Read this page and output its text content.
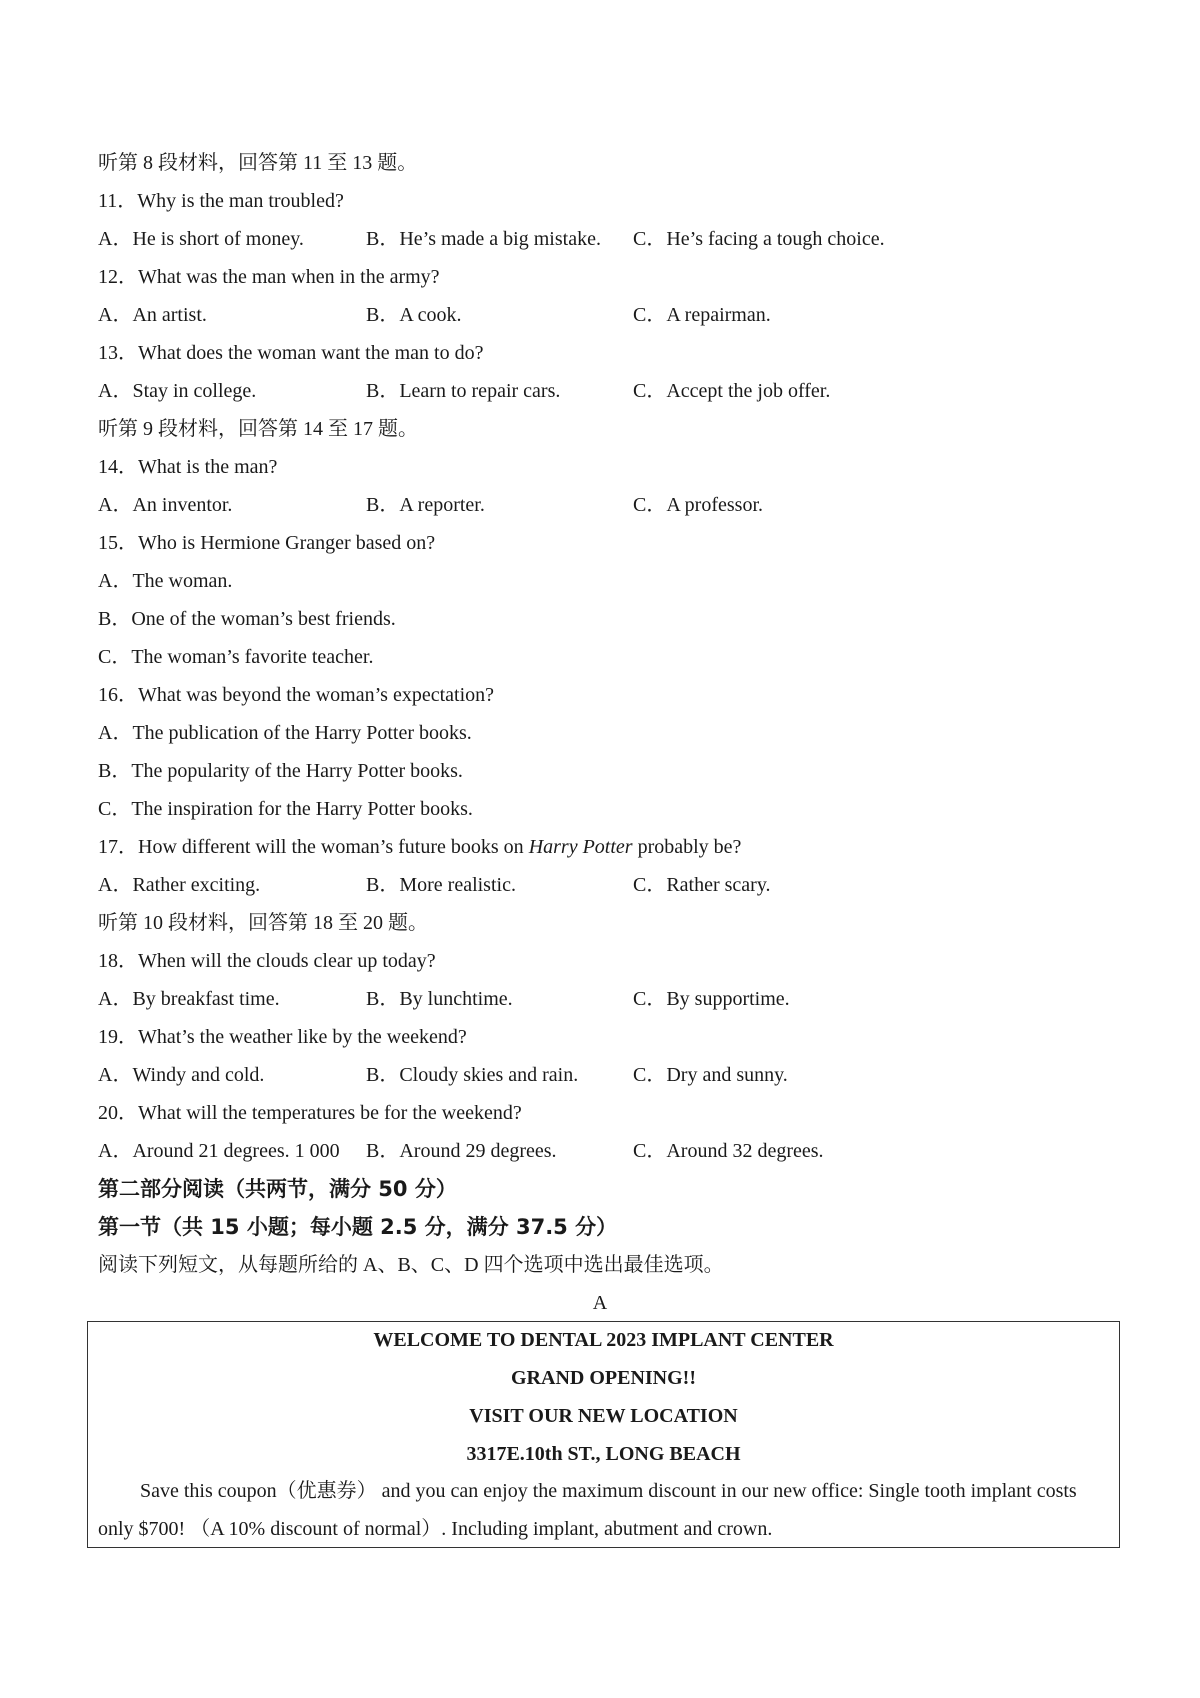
听第 8 段材料，回答第 11 至 13 题。
11．Why is the man troubled?
A．He is short of money.	B．He’s made a big mistake. C．He’s facing a tough choice.
12．What was the man when in the army?
A．An artist.	B．A cook.	C．A repairman.
13．What does the woman want the man to do?
A．Stay in college.	B．Learn to repair cars.	C．Accept the job offer.
听第 9 段材料，回答第 14 至 17 题。
14．What is the man?
A．An inventor.	B．A reporter.	C．A professor.
15．Who is Hermione Granger based on?
A．The woman.
B．One of the woman’s best friends.
C．The woman’s favorite teacher.
16．What was beyond the woman’s expectation?
A．The publication of the Harry Potter books.
B．The popularity of the Harry Potter books.
C．The inspiration for the Harry Potter books.
17．How different will the woman’s future books on Harry Potter probably be?
A．Rather exciting.	B．More realistic.	C．Rather scary.
听第 10 段材料，回答第 18 至 20 题。
18．When will the clouds clear up today?
A．By breakfast time.	B．By lunchtime.	C．By supportime.
19．What’s the weather like by the weekend?
A．Windy and cold.	B．Cloudy skies and rain.	C．Dry and sunny.
20．What will the temperatures be for the weekend?
A．Around 21 degrees. 1 000 B．Around 29 degrees.	C．Around 32 degrees.
第二部分阅读（共两节，满分 50 分）
第一节（共 15 小题；每小题 2.5 分，满分 37.5 分）
阅读下列短文，从每题所给的 A、B、C、D 四个选项中选出最佳选项。
A
WELCOME TO DENTAL 2023 IMPLANT CENTER
GRAND OPENING!!
VISIT OUR NEW LOCATION
3317E.10th ST., LONG BEACH

Save this coupon（优惠券） and you can enjoy the maximum discount in our new office: Single tooth implant costs only $700! （A 10% discount of normal）. Including implant, abutment and crown.
